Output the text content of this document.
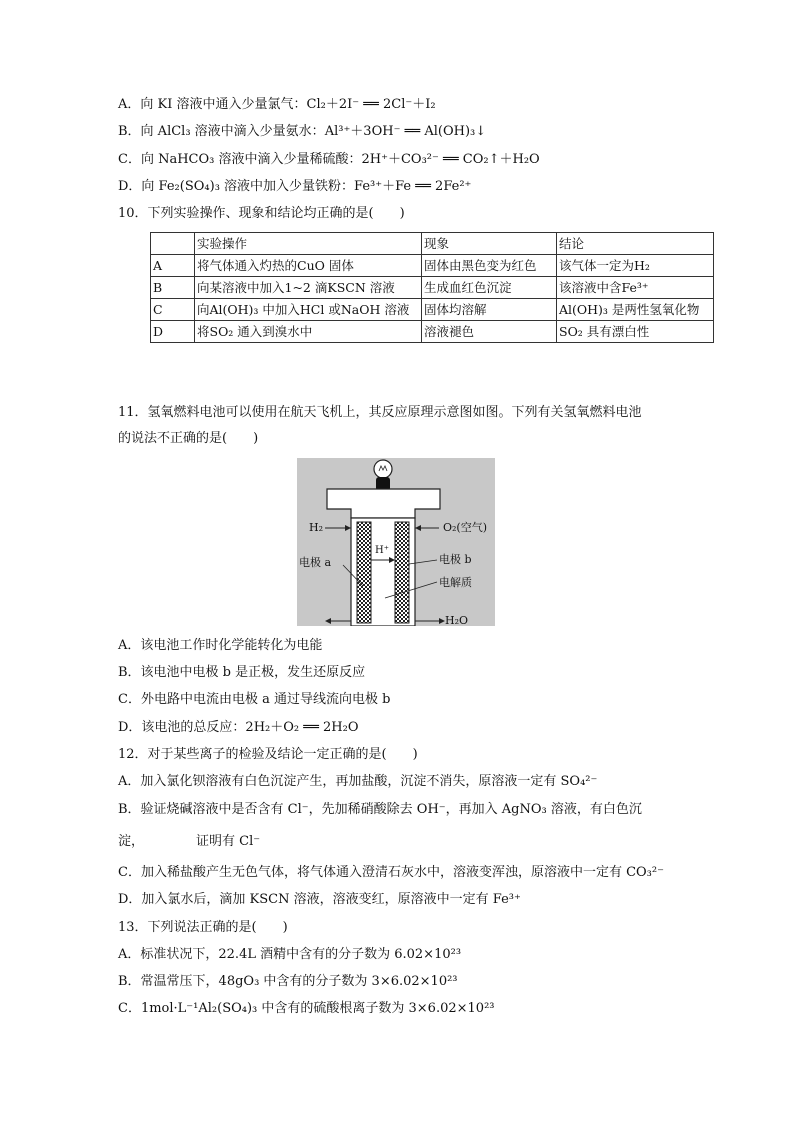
A．向 KI 溶液中通入少量氯气：Cl₂＋2I⁻ ══ 2Cl⁻＋I₂
B．向 AlCl₃ 溶液中滴入少量氨水：Al³⁺＋3OH⁻ ══ Al(OH)₃↓
C．向 NaHCO₃ 溶液中滴入少量稀硫酸：2H⁺＋CO₃²⁻ ══ CO₂↑＋H₂O
D．向 Fe₂(SO₄)₃ 溶液中加入少量铁粉：Fe³⁺＋Fe ══ 2Fe²⁺
10．下列实验操作、现象和结论均正确的是(　　)
	实验操作	现象	结论
A	将气体通入灼热的CuO 固体	固体由黑色变为红色	该气体一定为H₂
B	向某溶液中加入1~2 滴KSCN 溶液	生成血红色沉淀	该溶液中含Fe³⁺
C	向Al(OH)₃ 中加入HCl 或NaOH 溶液	固体均溶解	Al(OH)₃ 是两性氢氧化物
D	将SO₂ 通入到溴水中	溶液褪色	SO₂ 具有漂白性
11．氢氧燃料电池可以使用在航天飞机上，其反应原理示意图如图。下列有关氢氧燃料电池
的说法不正确的是(　　)
H₂	O₂(空气)
H⁺
电极 a	电极 b
电解质
H₂O
A．该电池工作时化学能转化为电能
B．该电池中电极 b 是正极，发生还原反应
C．外电路中电流由电极 a 通过导线流向电极 b
D．该电池的总反应：2H₂＋O₂ ══ 2H₂O
12．对于某些离子的检验及结论一定正确的是(　　)
A．加入氯化钡溶液有白色沉淀产生，再加盐酸，沉淀不消失，原溶液一定有 SO₄²⁻
B．验证烧碱溶液中是否含有 Cl⁻，先加稀硝酸除去 OH⁻，再加入 AgNO₃ 溶液，有白色沉
淀，	证明有 Cl⁻
C．加入稀盐酸产生无色气体，将气体通入澄清石灰水中，溶液变浑浊，原溶液中一定有 CO₃²⁻
D．加入氯水后，滴加 KSCN 溶液，溶液变红，原溶液中一定有 Fe³⁺
13．下列说法正确的是(　　)
A．标准状况下，22.4L 酒精中含有的分子数为 6.02×10²³
B．常温常压下，48gO₃ 中含有的分子数为 3×6.02×10²³
C．1mol·L⁻¹Al₂(SO₄)₃ 中含有的硫酸根离子数为 3×6.02×10²³
